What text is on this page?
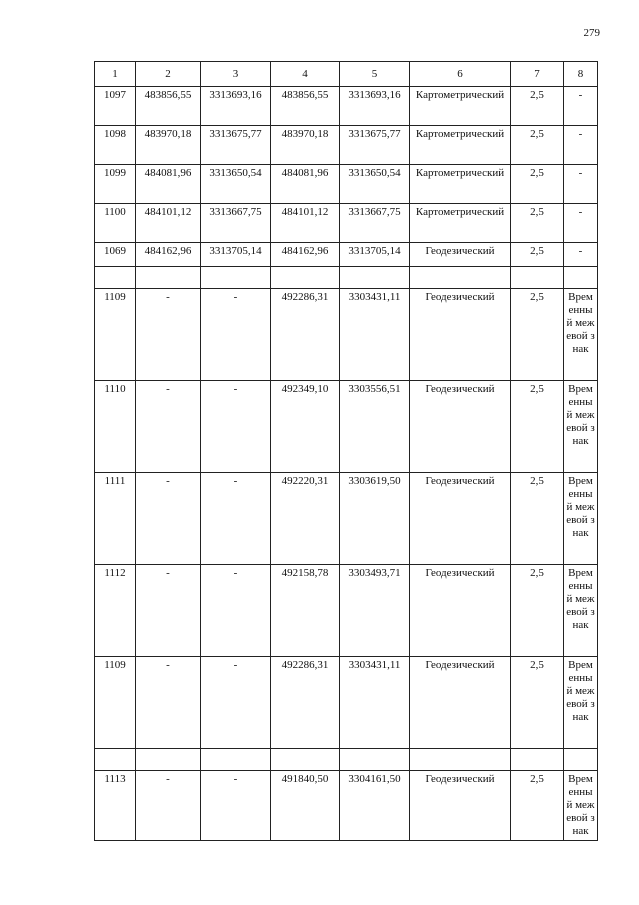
279
1	2	3	4	5	6	7	8
1097	483856,55	3313693,16	483856,55	3313693,16	Картометрический	2,5	-
1098	483970,18	3313675,77	483970,18	3313675,77	Картометрический	2,5	-
1099	484081,96	3313650,54	484081,96	3313650,54	Картометрический	2,5	-
1100	484101,12	3313667,75	484101,12	3313667,75	Картометрический	2,5	-
1069	484162,96	3313705,14	484162,96	3313705,14	Геодезический	2,5	-

1109	-	-	492286,31	3303431,11	Геодезический	2,5	Временный межевой знак
1110	-	-	492349,10	3303556,51	Геодезический	2,5	Временный межевой знак
1111	-	-	492220,31	3303619,50	Геодезический	2,5	Временный межевой знак
1112	-	-	492158,78	3303493,71	Геодезический	2,5	Временный межевой знак
1109	-	-	492286,31	3303431,11	Геодезический	2,5	Временный межевой знак

1113	-	-	491840,50	3304161,50	Геодезический	2,5	Временный межевой знак
